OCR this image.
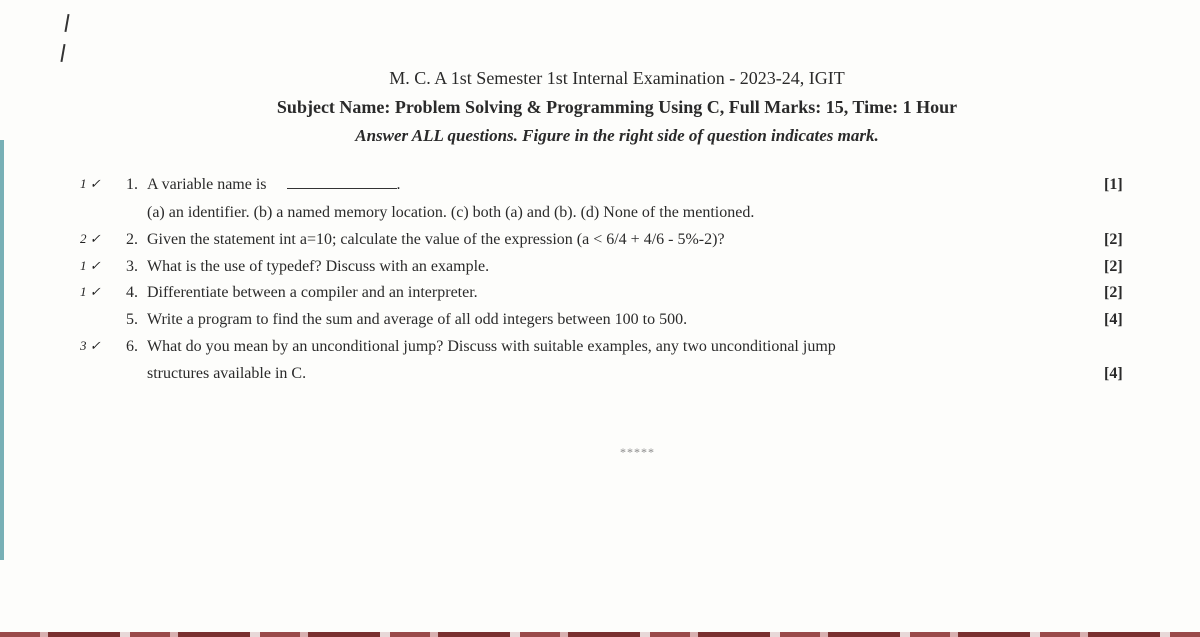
M. C. A 1st Semester 1st Internal Examination - 2023-24, IGIT
Subject Name: Problem Solving & Programming Using C, Full Marks: 15, Time: 1 Hour
Answer ALL questions. Figure in the right side of question indicates mark.
1 ✓	1. A variable name is	.	[1]
(a) an identifier. (b) a named memory location. (c) both (a) and (b). (d) None of the mentioned.
2 ✓	2. Given the statement int a=10; calculate the value of the expression (a < 6/4 + 4/6 - 5%-2)?	[2]
1 ✓	3. What is the use of typedef? Discuss with an example.	[2]
1 ✓	4. Differentiate between a compiler and an interpreter.	[2]
5. Write a program to find the sum and average of all odd integers between 100 to 500.	[4]
3 ✓	6. What do you mean by an unconditional jump? Discuss with suitable examples, any two unconditional jump
structures available in C.	[4]
*****
